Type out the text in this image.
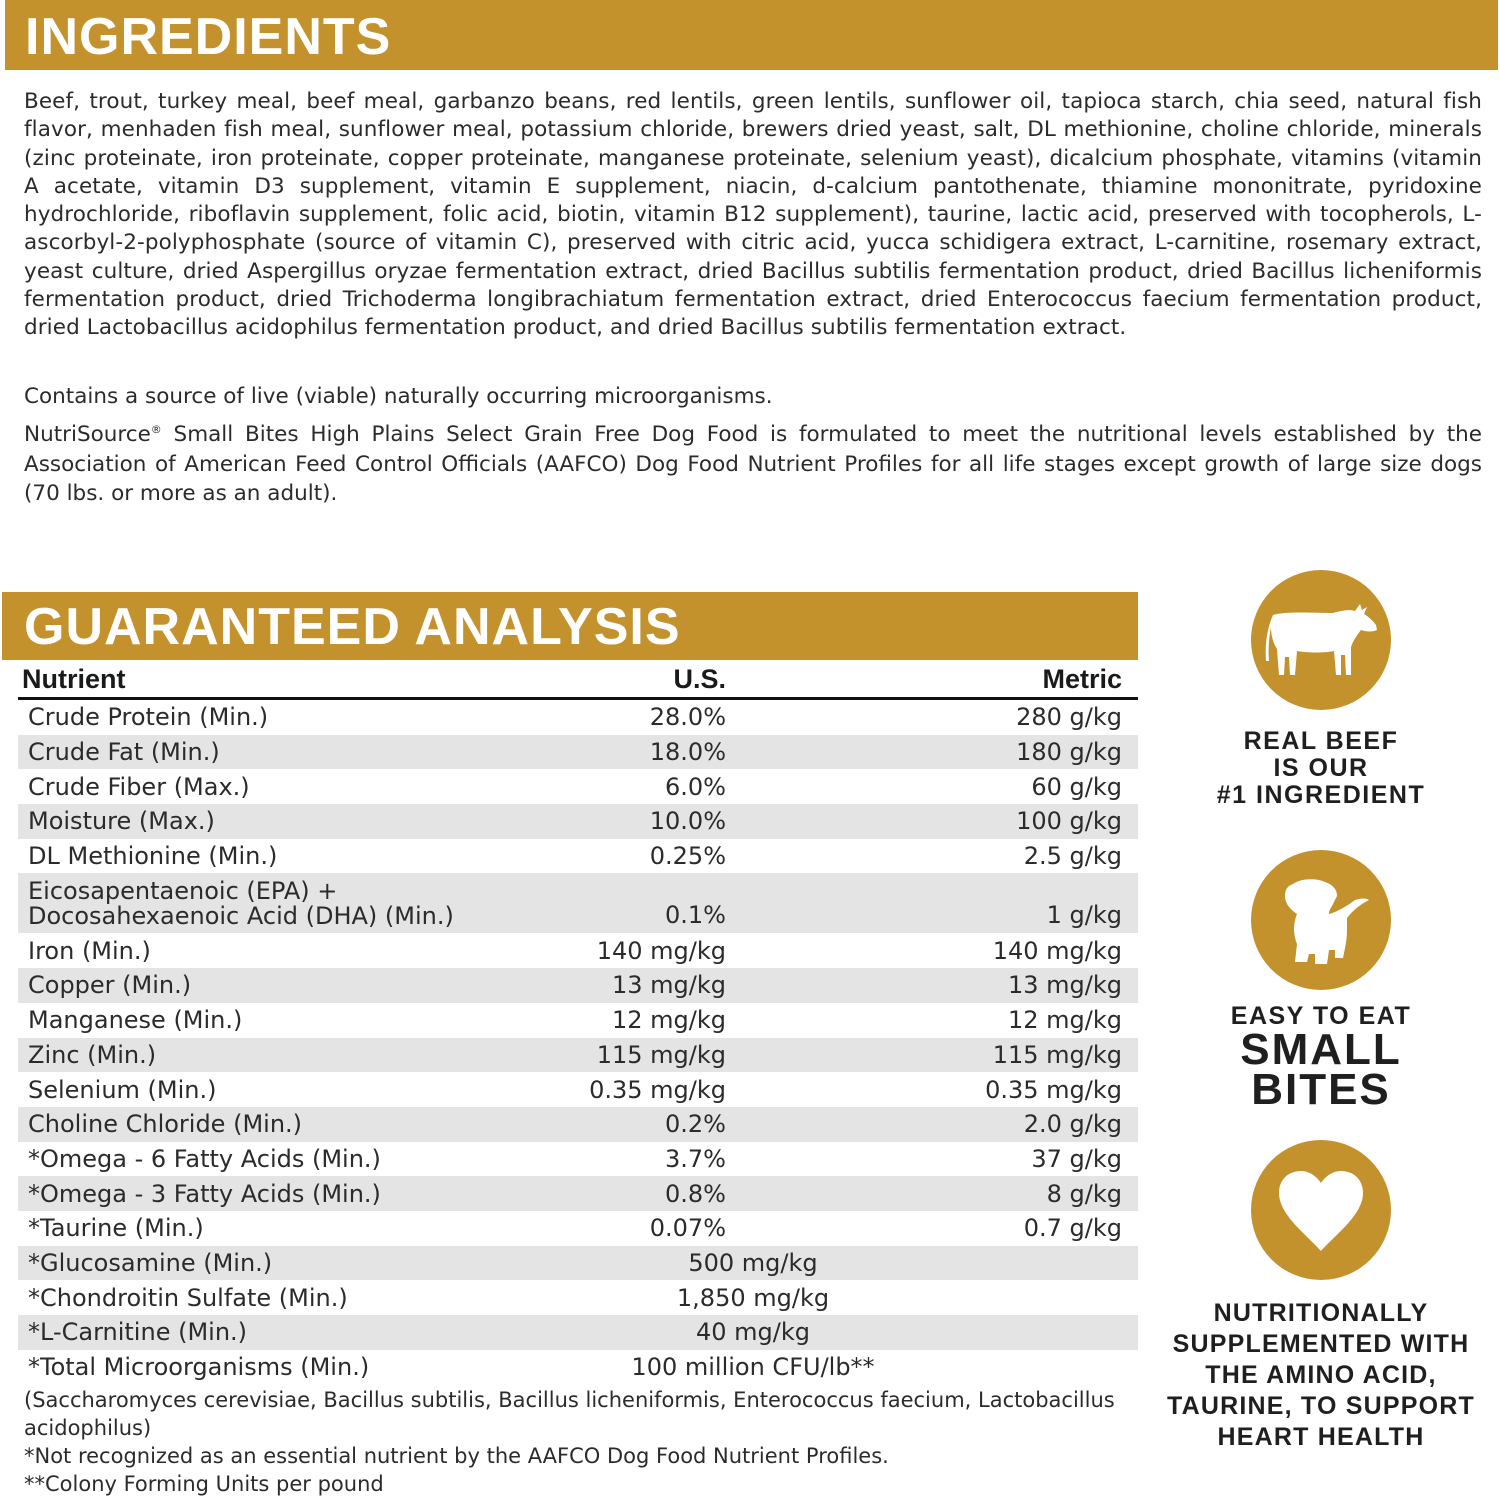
INGREDIENTS

Beef, trout, turkey meal, beef meal, garbanzo beans, red lentils, green lentils, sunflower oil, tapioca starch, chia seed, natural fish flavor, menhaden fish meal, sunflower meal, potassium chloride, brewers dried yeast, salt, DL methionine, choline chloride, minerals (zinc proteinate, iron proteinate, copper proteinate, manganese proteinate, selenium yeast), dicalcium phosphate, vitamins (vitamin A acetate, vitamin D3 supplement, vitamin E supplement, niacin, d-calcium pantothenate, thiamine mononitrate, pyridoxine hydrochloride, riboflavin supplement, folic acid, biotin, vitamin B12 supplement), taurine, lactic acid, preserved with tocopherols, L-ascorbyl-2-polyphosphate (source of vitamin C), preserved with citric acid, yucca schidigera extract, L-carnitine, rosemary extract, yeast culture, dried Aspergillus oryzae fermentation extract, dried Bacillus subtilis fermentation product, dried Bacillus licheniformis fermentation product, dried Trichoderma longibrachiatum fermentation extract, dried Enterococcus faecium fermentation product, dried Lactobacillus acidophilus fermentation product, and dried Bacillus subtilis fermentation extract.

Contains a source of live (viable) naturally occurring microorganisms.

NutriSource® Small Bites High Plains Select Grain Free Dog Food is formulated to meet the nutritional levels established by the Association of American Feed Control Officials (AAFCO) Dog Food Nutrient Profiles for all life stages except growth of large size dogs (70 lbs. or more as an adult).

GUARANTEED ANALYSIS
Nutrient	U.S.	Metric
Crude Protein (Min.)	28.0%	280 g/kg
Crude Fat (Min.)	18.0%	180 g/kg
Crude Fiber (Max.)	6.0%	60 g/kg
Moisture (Max.)	10.0%	100 g/kg
DL Methionine (Min.)	0.25%	2.5 g/kg
Eicosapentaenoic (EPA) +
Docosahexaenoic Acid (DHA) (Min.)	0.1%	1 g/kg
Iron (Min.)	140 mg/kg	140 mg/kg
Copper (Min.)	13 mg/kg	13 mg/kg
Manganese (Min.)	12 mg/kg	12 mg/kg
Zinc (Min.)	115 mg/kg	115 mg/kg
Selenium (Min.)	0.35 mg/kg	0.35 mg/kg
Choline Chloride (Min.)	0.2%	2.0 g/kg
*Omega - 6 Fatty Acids (Min.)	3.7%	37 g/kg
*Omega - 3 Fatty Acids (Min.)	0.8%	8 g/kg
*Taurine (Min.)	0.07%	0.7 g/kg
*Glucosamine (Min.)	500 mg/kg
*Chondroitin Sulfate (Min.)	1,850 mg/kg
*L-Carnitine (Min.)	40 mg/kg
*Total Microorganisms (Min.)	100 million CFU/lb**
(Saccharomyces cerevisiae, Bacillus subtilis, Bacillus licheniformis, Enterococcus faecium, Lactobacillus acidophilus)
*Not recognized as an essential nutrient by the AAFCO Dog Food Nutrient Profiles.
**Colony Forming Units per pound
REAL BEEF
IS OUR
#1 INGREDIENT
EASY TO EAT
SMALL
BITES
NUTRITIONALLY
SUPPLEMENTED WITH
THE AMINO ACID,
TAURINE, TO SUPPORT
HEART HEALTH
